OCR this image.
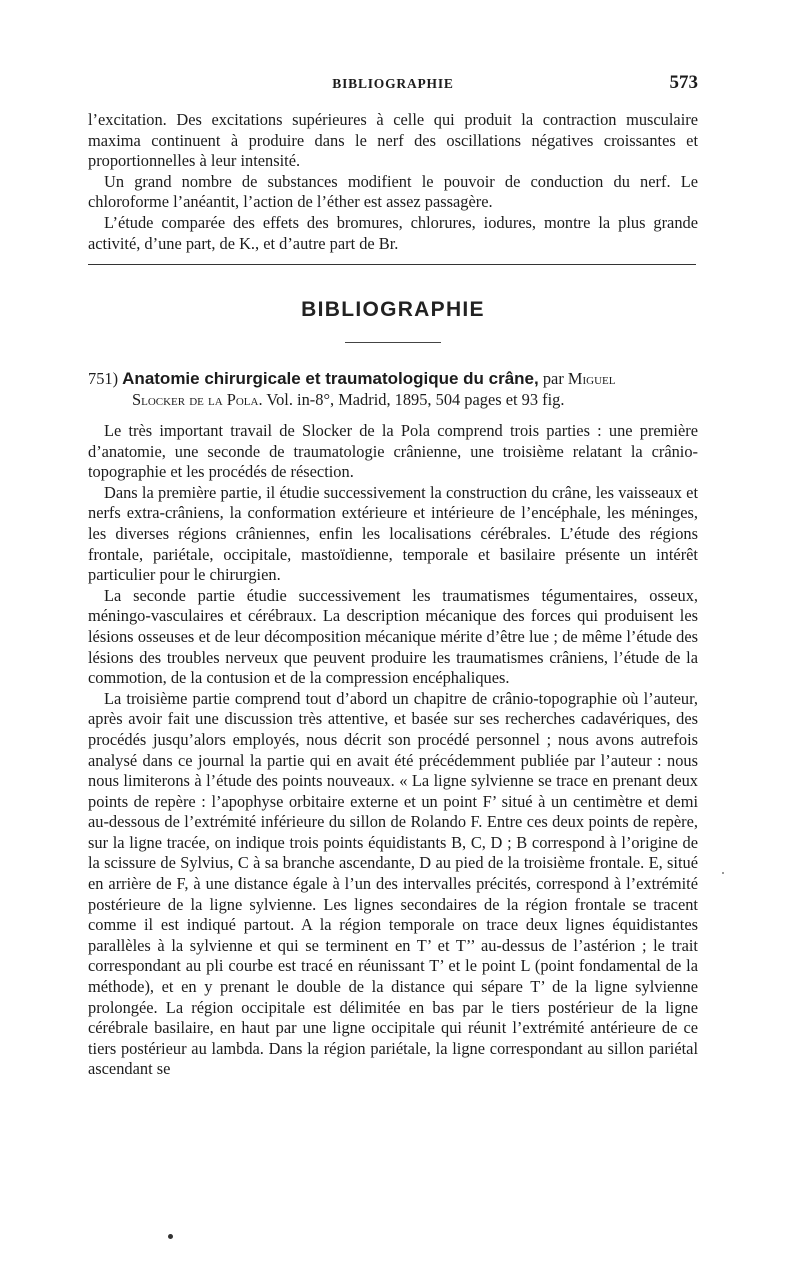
BIBLIOGRAPHIE	573

l’excitation. Des excitations supérieures à celle qui produit la contraction musculaire maxima continuent à produire dans le nerf des oscillations négatives croissantes et proportionnelles à leur intensité.

Un grand nombre de substances modifient le pouvoir de conduction du nerf. Le chloroforme l’anéantit, l’action de l’éther est assez passagère.

L’étude comparée des effets des bromures, chlorures, iodures, montre la plus grande activité, d’une part, de K., et d’autre part de Br.

BIBLIOGRAPHIE
751) Anatomie chirurgicale et traumatologique du crâne, par Miguel
Slocker de la Pola. Vol. in-8°, Madrid, 1895, 504 pages et 93 fig.

Le très important travail de Slocker de la Pola comprend trois parties : une première d’anatomie, une seconde de traumatologie crânienne, une troisième relatant la crânio-topographie et les procédés de résection.

Dans la première partie, il étudie successivement la construction du crâne, les vaisseaux et nerfs extra-crâniens, la conformation extérieure et intérieure de l’encéphale, les méninges, les diverses régions crâniennes, enfin les localisations cérébrales. L’étude des régions frontale, pariétale, occipitale, mastoïdienne, temporale et basilaire présente un intérêt particulier pour le chirurgien.

La seconde partie étudie successivement les traumatismes tégumentaires, osseux, méningo-vasculaires et cérébraux. La description mécanique des forces qui produisent les lésions osseuses et de leur décomposition mécanique mérite d’être lue ; de même l’étude des lésions des troubles nerveux que peuvent produire les traumatismes crâniens, l’étude de la commotion, de la contusion et de la compression encéphaliques.

La troisième partie comprend tout d’abord un chapitre de crânio-topographie où l’auteur, après avoir fait une discussion très attentive, et basée sur ses recherches cadavériques, des procédés jusqu’alors employés, nous décrit son procédé personnel ; nous avons autrefois analysé dans ce journal la partie qui en avait été précédemment publiée par l’auteur : nous nous limiterons à l’étude des points nouveaux. « La ligne sylvienne se trace en prenant deux points de repère : l’apophyse orbitaire externe et un point F’ situé à un centimètre et demi au-dessous de l’extrémité inférieure du sillon de Rolando F. Entre ces deux points de repère, sur la ligne tracée, on indique trois points équidistants B, C, D ; B correspond à l’origine de la scissure de Sylvius, C à sa branche ascendante, D au pied de la troisième frontale. E, situé en arrière de F, à une distance égale à l’un des intervalles précités, correspond à l’extrémité postérieure de la ligne sylvienne. Les lignes secondaires de la région frontale se tracent comme il est indiqué partout. A la région temporale on trace deux lignes équidistantes parallèles à la sylvienne et qui se terminent en T’ et T’’ au-dessus de l’astérion ; le trait correspondant au pli courbe est tracé en réunissant T’ et le point L (point fondamental de la méthode), et en y prenant le double de la distance qui sépare T’ de la ligne sylvienne prolongée. La région occipitale est délimitée en bas par le tiers postérieur de la ligne cérébrale basilaire, en haut par une ligne occipitale qui réunit l’extrémité antérieure de ce tiers postérieur au lambda. Dans la région pariétale, la ligne correspondant au sillon pariétal ascendant se
